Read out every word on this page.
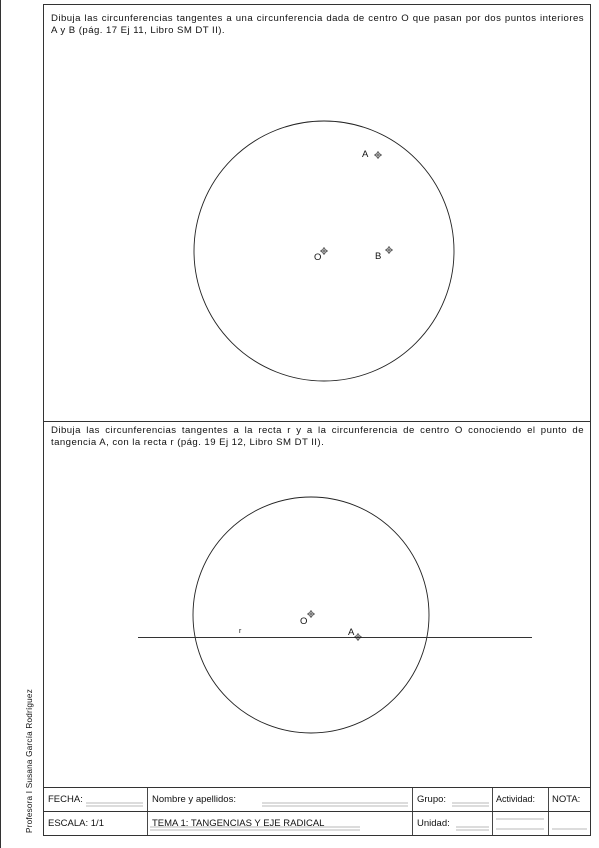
A
B
O
O
A
r
Dibuja las circunferencias tangentes a una circunferencia dada de centro O que pasan por dos puntos interiores A y B (pág. 17 Ej 11, Libro SM DT II).
Dibuja las circunferencias tangentes a la recta r y a la circunferencia de centro O conociendo el punto de tangencia A, con la recta r (pág. 19 Ej 12, Libro SM DT II).
FECHA:
ESCALA: 1/1
Nombre y apellidos:
TEMA 1: TANGENCIAS Y EJE RADICAL
Grupo:
Unidad:
Actividad: NOTA:
Profesora I Susana García Rodríguez
